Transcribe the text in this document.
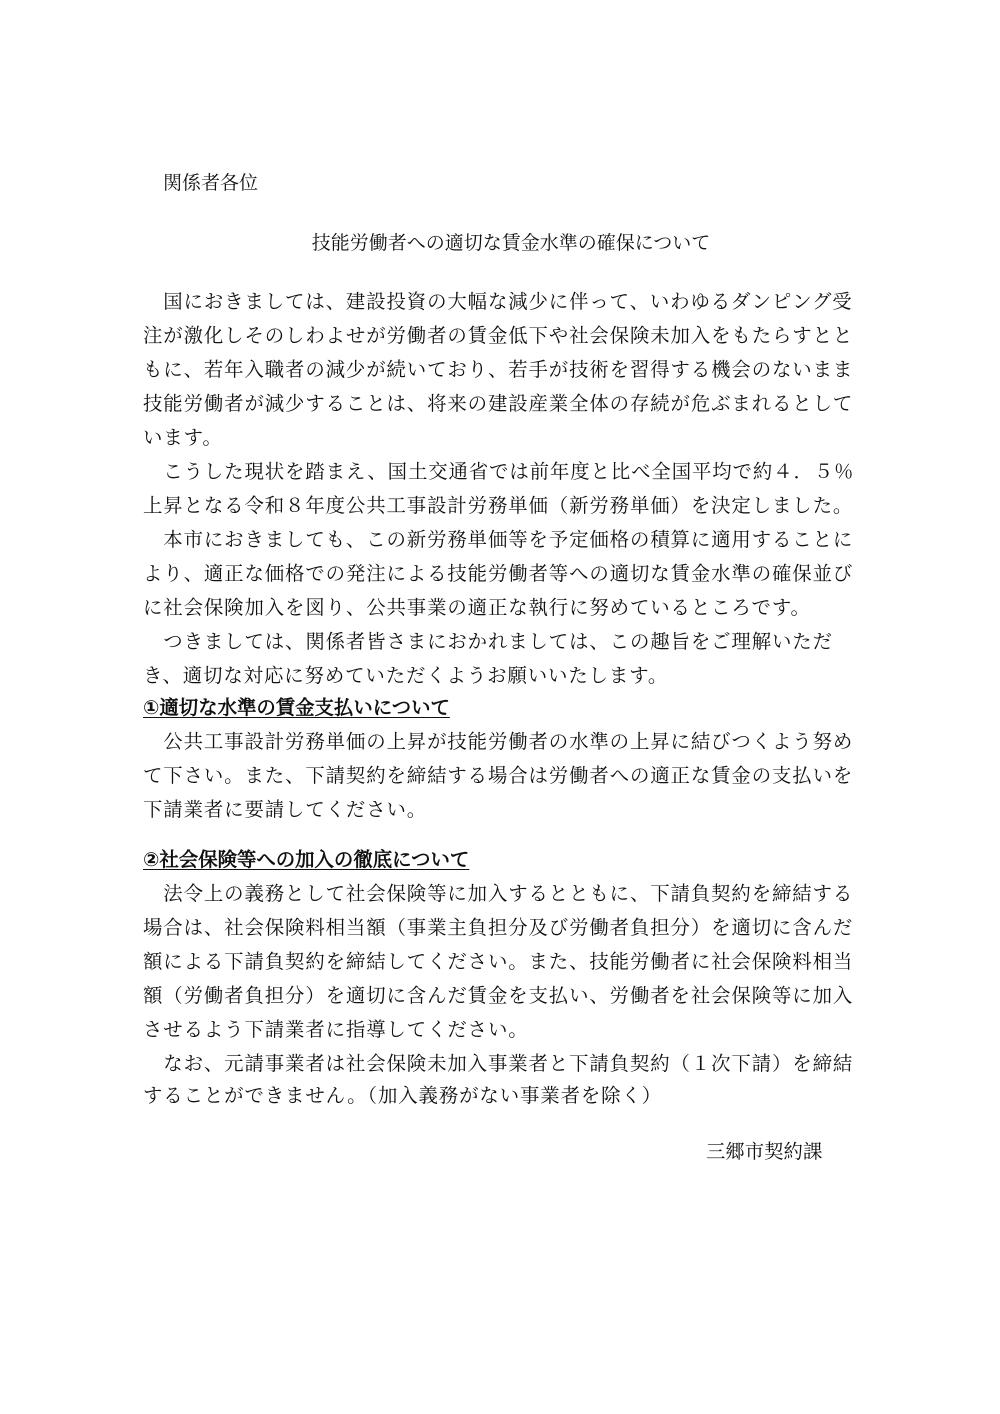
関係者各位
技能労働者への適切な賃金水準の確保について
　国におきましては、建設投資の大幅な減少に伴って、いわゆるダンピング受
注が激化しそのしわよせが労働者の賃金低下や社会保険未加入をもたらすとと
もに、若年入職者の減少が続いており、若手が技術を習得する機会のないまま
技能労働者が減少することは、将来の建設産業全体の存続が危ぶまれるとして
います。
　こうした現状を踏まえ、国土交通省では前年度と比べ全国平均で約４．５％
上昇となる令和８年度公共工事設計労務単価（新労務単価）を決定しました。
　本市におきましても、この新労務単価等を予定価格の積算に適用することに
より、適正な価格での発注による技能労働者等への適切な賃金水準の確保並び
に社会保険加入を図り、公共事業の適正な執行に努めているところです。
　つきましては、関係者皆さまにおかれましては、この趣旨をご理解いただ
き、適切な対応に努めていただくようお願いいたします。
①適切な水準の賃金支払いについて
　公共工事設計労務単価の上昇が技能労働者の水準の上昇に結びつくよう努め
て下さい。また、下請契約を締結する場合は労働者への適正な賃金の支払いを
下請業者に要請してください。
②社会保険等への加入の徹底について
　法令上の義務として社会保険等に加入するとともに、下請負契約を締結する
場合は、社会保険料相当額（事業主負担分及び労働者負担分）を適切に含んだ
額による下請負契約を締結してください。また、技能労働者に社会保険料相当
額（労働者負担分）を適切に含んだ賃金を支払い、労働者を社会保険等に加入
させるよう下請業者に指導してください。
　なお、元請事業者は社会保険未加入事業者と下請負契約（１次下請）を締結
することができません。（加入義務がない事業者を除く）
三郷市契約課
